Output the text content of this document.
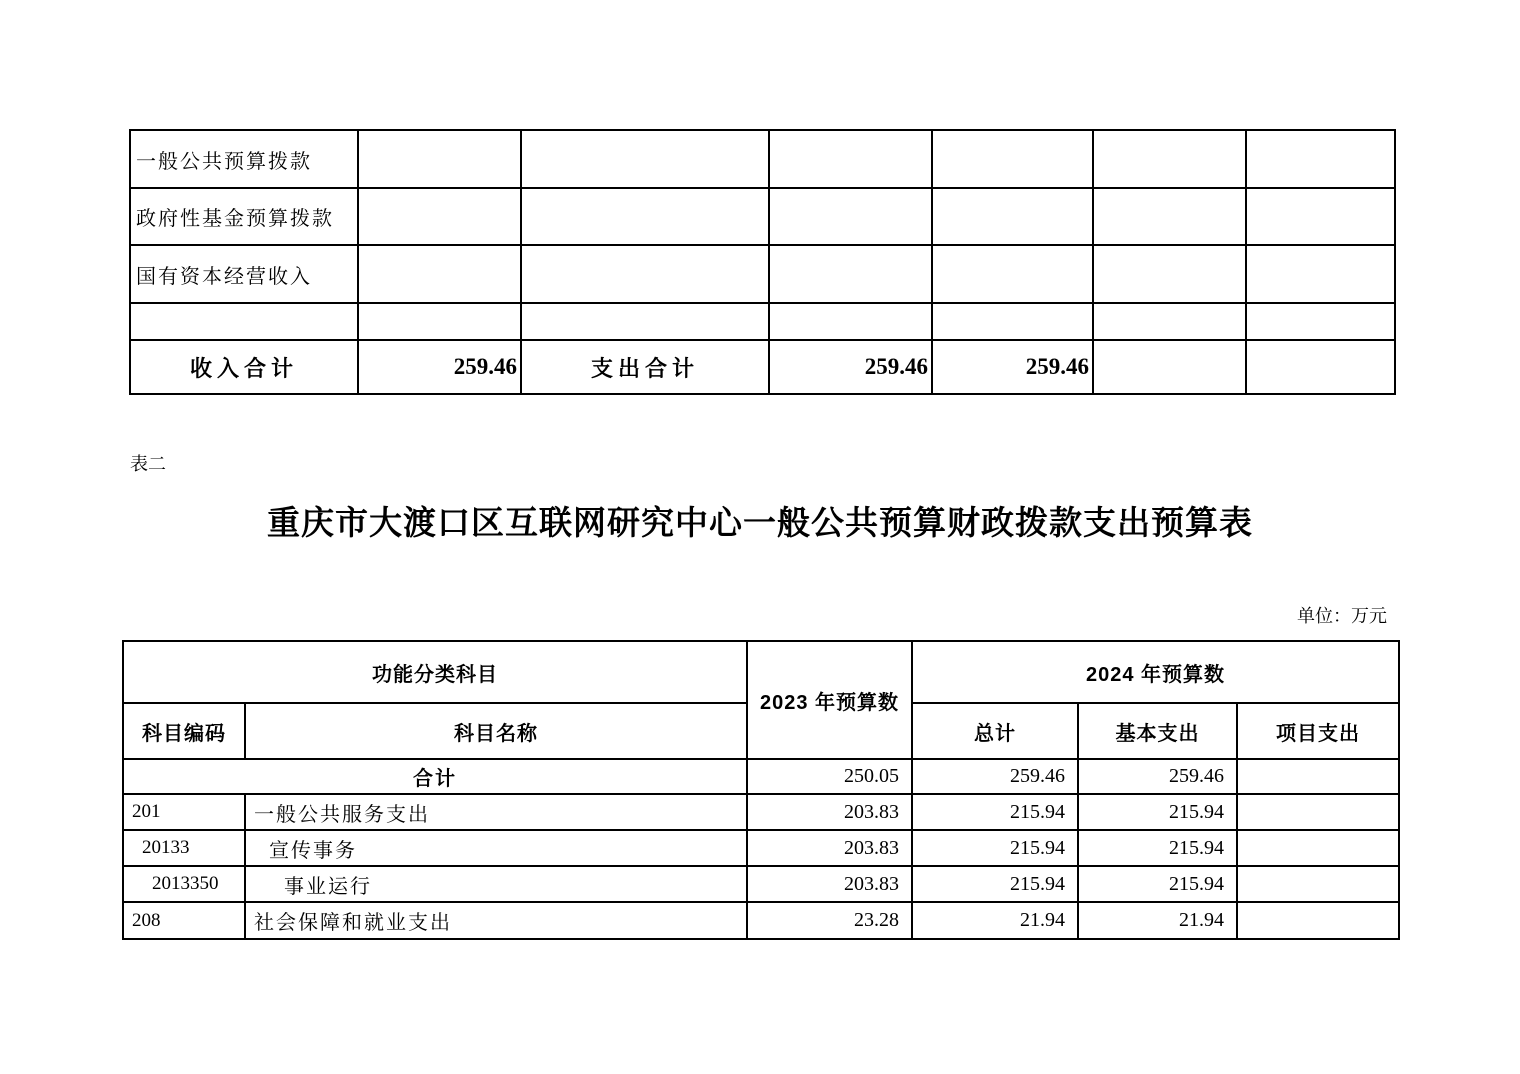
一般公共预算拨款						
政府性基金预算拨款						
国有资本经营收入						

收入合计	259.46	支出合计	259.46	259.46		
表二
重庆市大渡口区互联网研究中心一般公共预算财政拨款支出预算表
单位：万元
功能分类科目		2023 年预算数	2024 年预算数		
科目编码	科目名称		总计	基本支出	项目支出
合计		250.05	259.46	259.46	
201	一般公共服务支出	203.83	215.94	215.94	
20133	宣传事务	203.83	215.94	215.94	
2013350	事业运行	203.83	215.94	215.94	
208	社会保障和就业支出	23.28	21.94	21.94	
